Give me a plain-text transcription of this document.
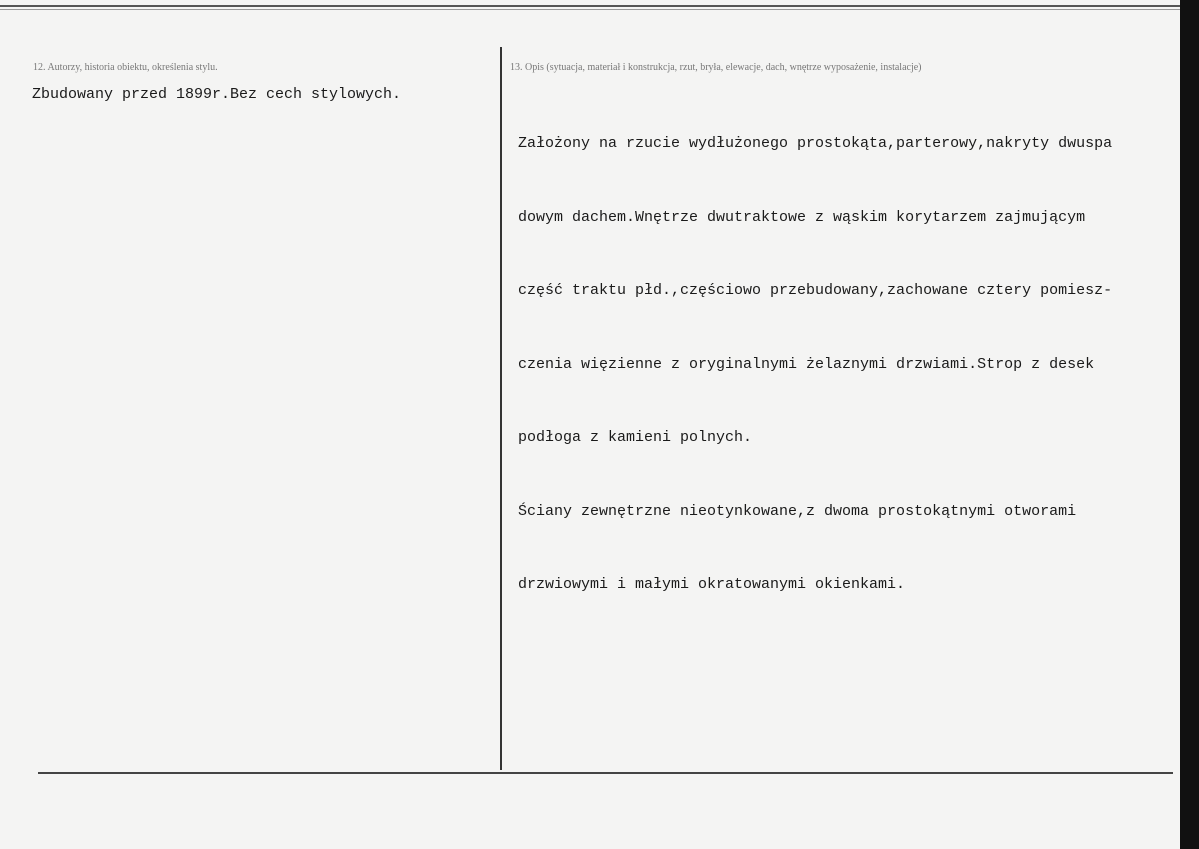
12. Autorzy, historia obiektu, określenia stylu.
Zbudowany przed 1899r.Bez cech stylowych.
13. Opis (sytuacja, materiał i konstrukcja, rzut, bryła, elewacje, dach, wnętrze wyposażenie, instalacje)

Założony na rzucie wydłużonego prostokąta,parterowy,nakryty dwuspa

dowym dachem.Wnętrze dwutraktowe z wąskim korytarzem zajmującym

część traktu płd.,częściowo przebudowany,zachowane cztery pomiesz-

czenia więzienne z oryginalnymi żelaznymi drzwiami.Strop z desek

podłoga z kamieni polnych.

Ściany zewnętrzne nieotynkowane,z dwoma prostokątnymi otworami

drzwiowymi i małymi okratowanymi okienkami.
